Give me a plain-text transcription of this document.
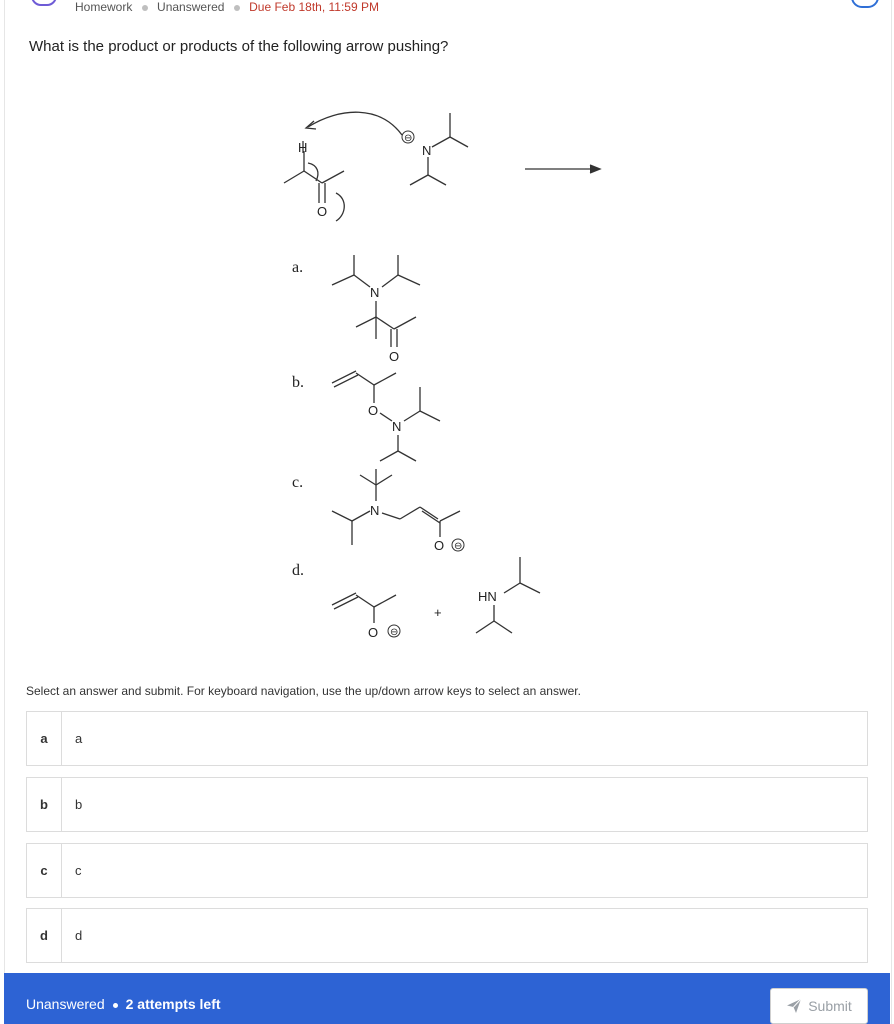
Homework Unanswered Due Feb 18th, 11:59 PM
What is the product or products of the following arrow pushing?
H
O
⊖
N
a.
N
O
b.
O
N
c.
N
O ⊖
d.
O ⊖
+
HN
Select an answer and submit. For keyboard navigation, use the up/down arrow keys to select an answer.
a	a
b	b
c	c
d	d
Unanswered 2 attempts left	Submit
